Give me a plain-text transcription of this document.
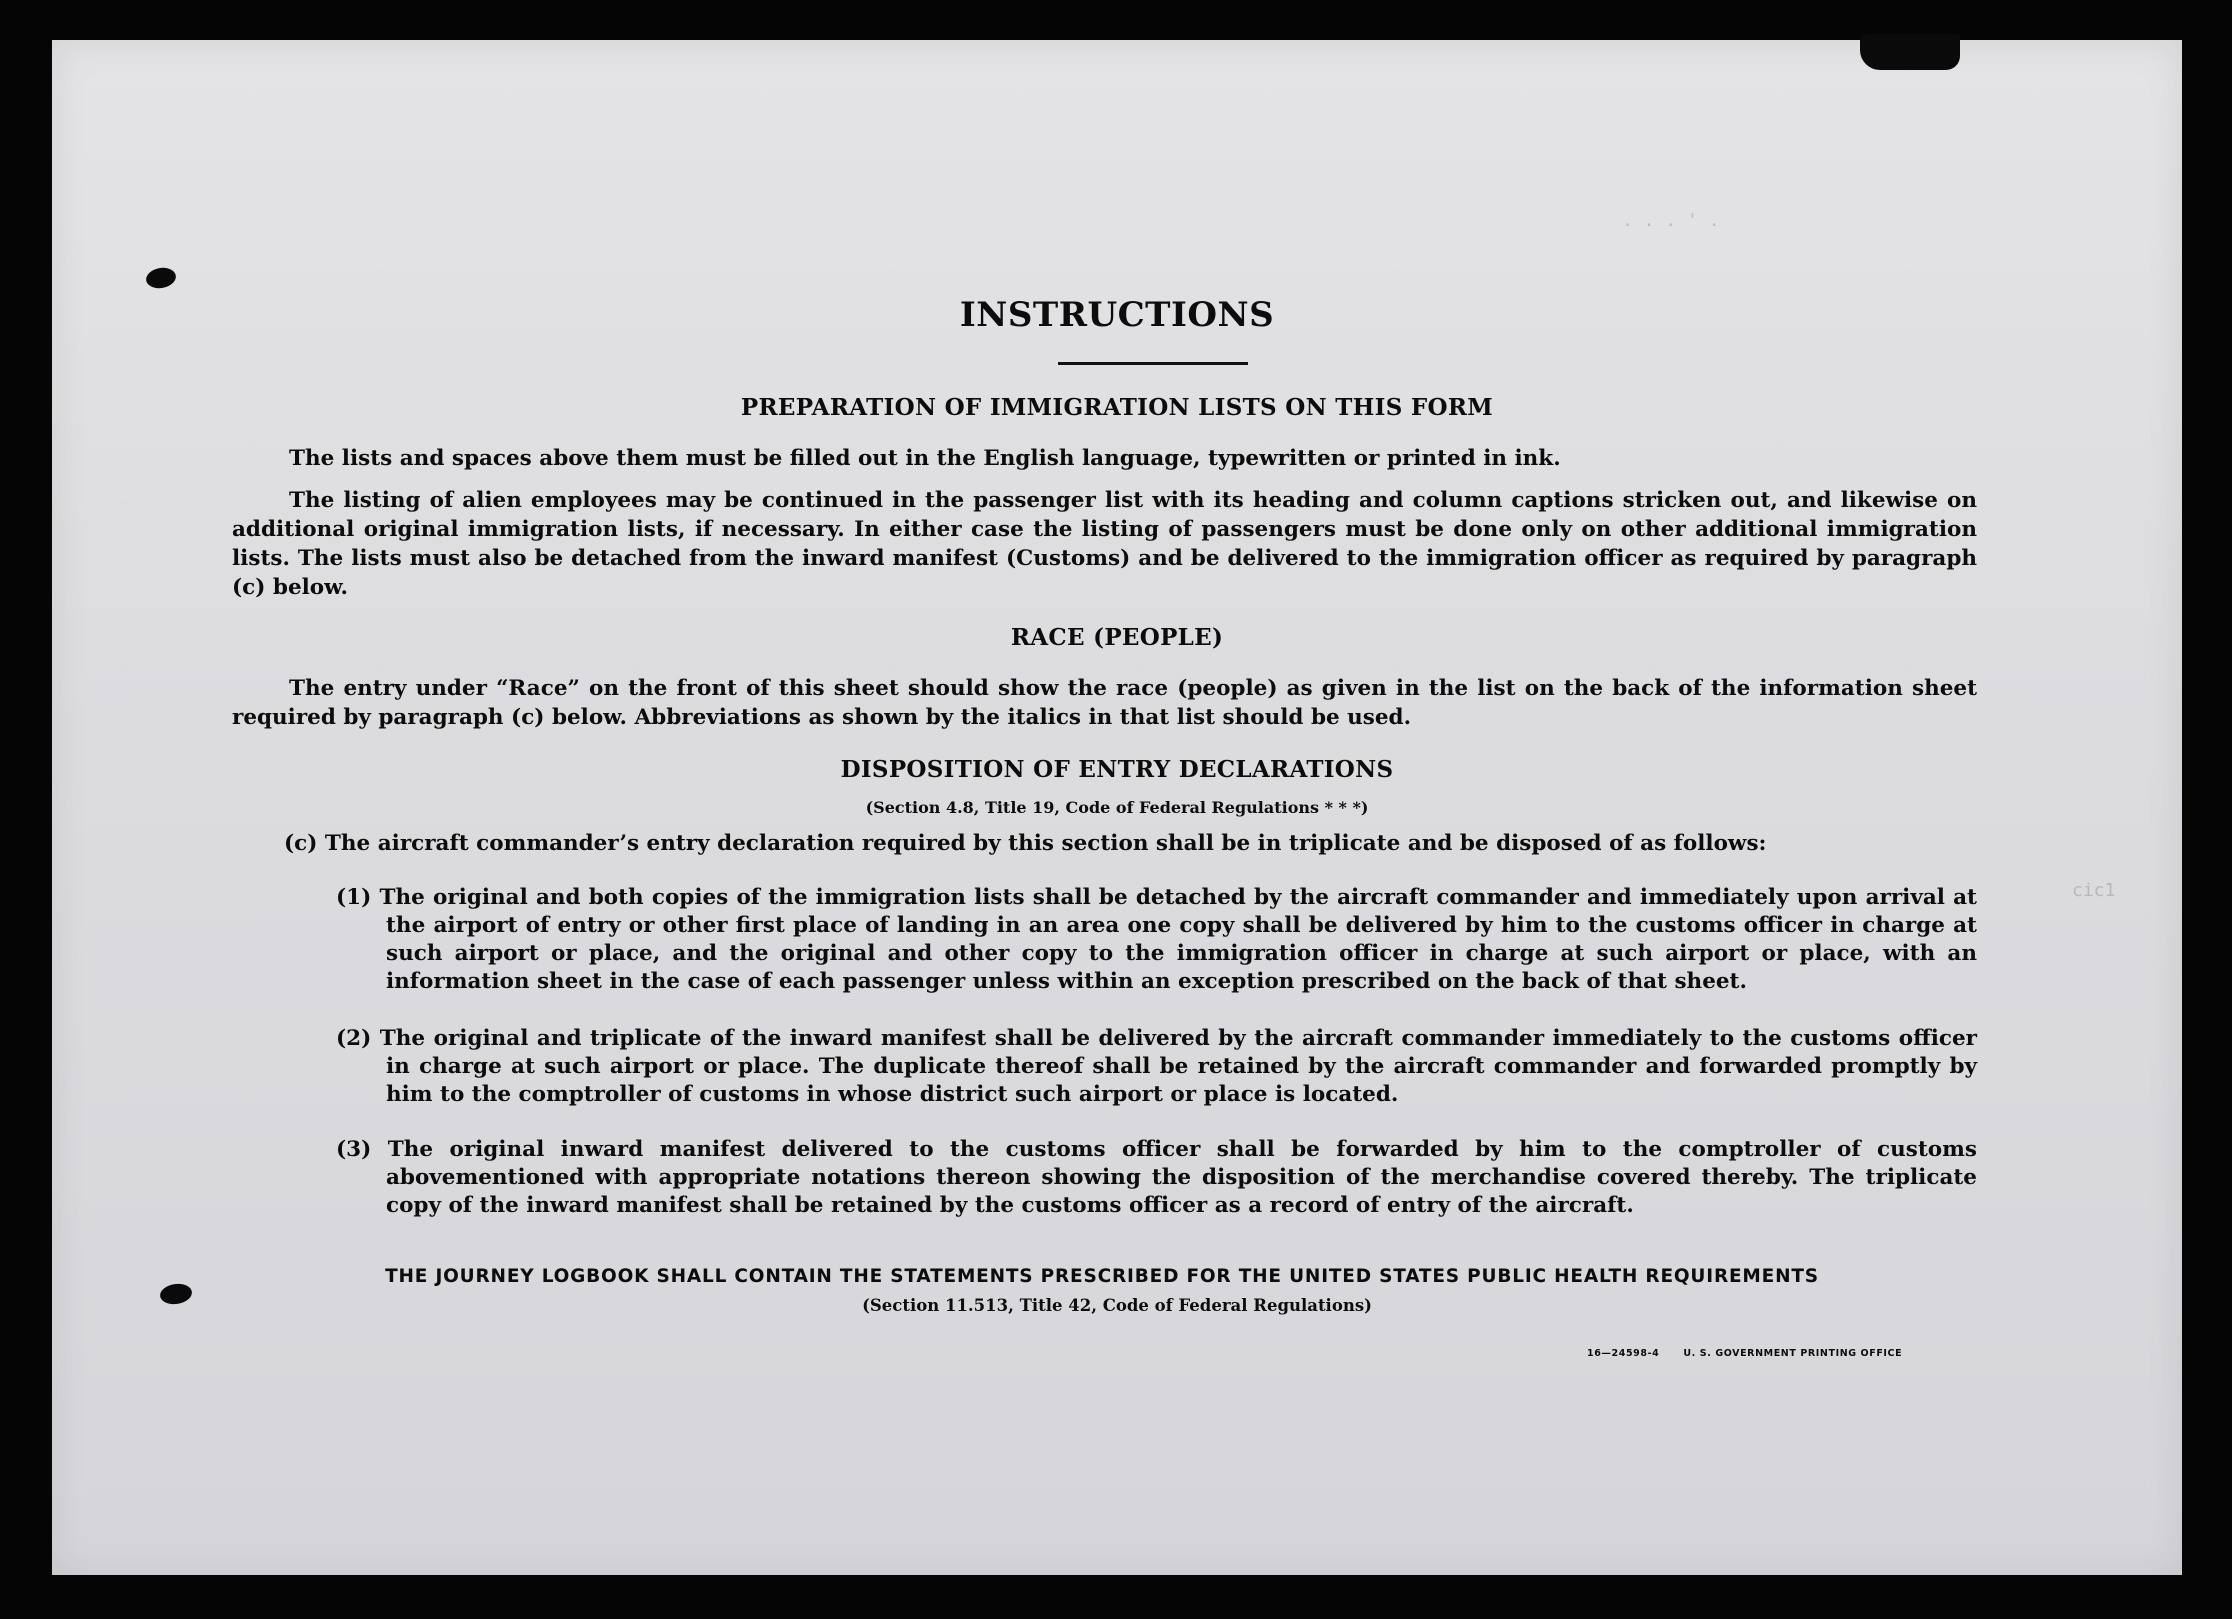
. . . ' .
cic1
INSTRUCTIONS
PREPARATION OF IMMIGRATION LISTS ON THIS FORM
The lists and spaces above them must be filled out in the English language, typewritten or printed in ink.
The listing of alien employees may be continued in the passenger list with its heading and column captions stricken out, and likewise on additional original immigration lists, if necessary. In either case the listing of passengers must be done only on other additional immigration lists. The lists must also be detached from the inward manifest (Customs) and be delivered to the immigration officer as required by paragraph (c) below.
RACE (PEOPLE)
The entry under “Race” on the front of this sheet should show the race (people) as given in the list on the back of the information sheet required by paragraph (c) below. Abbreviations as shown by the italics in that list should be used.
DISPOSITION OF ENTRY DECLARATIONS
(Section 4.8, Title 19, Code of Federal Regulations * * *)
(c) The aircraft commander’s entry declaration required by this section shall be in triplicate and be disposed of as follows:
(1) The original and both copies of the immigration lists shall be detached by the aircraft commander and immediately upon arrival at the airport of entry or other first place of landing in an area one copy shall be delivered by him to the customs officer in charge at such airport or place, and the original and other copy to the immigration officer in charge at such airport or place, with an information sheet in the case of each passenger unless within an exception prescribed on the back of that sheet.
(2) The original and triplicate of the inward manifest shall be delivered by the aircraft commander immediately to the customs officer in charge at such airport or place. The duplicate thereof shall be retained by the aircraft commander and forwarded promptly by him to the comptroller of customs in whose district such airport or place is located.
(3) The original inward manifest delivered to the customs officer shall be forwarded by him to the comptroller of customs abovementioned with appropriate notations thereon showing the disposition of the merchandise covered thereby. The triplicate copy of the inward manifest shall be retained by the customs officer as a record of entry of the aircraft.
THE JOURNEY LOGBOOK SHALL CONTAIN THE STATEMENTS PRESCRIBED FOR THE UNITED STATES PUBLIC HEALTH REQUIREMENTS
(Section 11.513, Title 42, Code of Federal Regulations)
16—24598-4	U. S. GOVERNMENT PRINTING OFFICE
